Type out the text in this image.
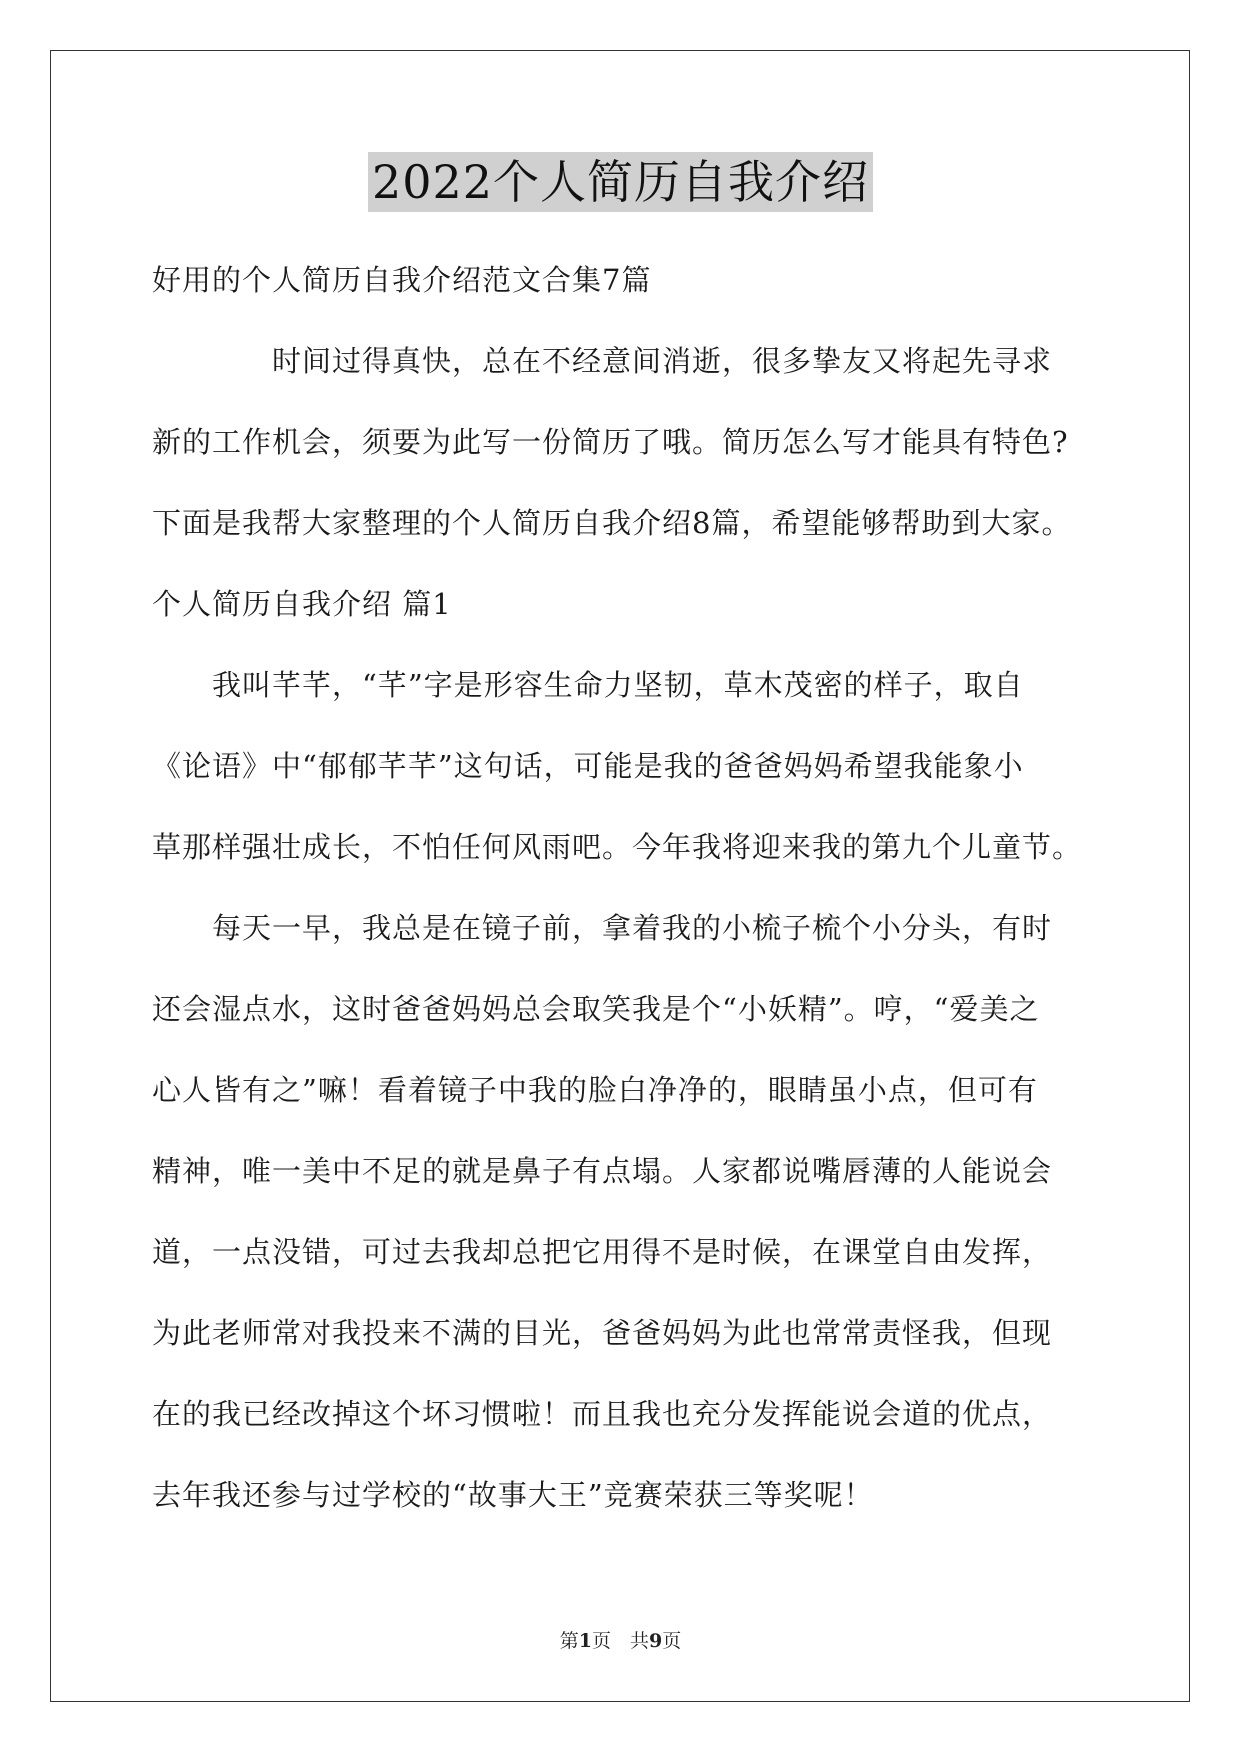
2022个人简历自我介绍
好用的个人简历自我介绍范文合集7篇
　　　　时间过得真快，总在不经意间消逝，很多挚友又将起先寻求
新的工作机会，须要为此写一份简历了哦。简历怎么写才能具有特色?
下面是我帮大家整理的个人简历自我介绍8篇，希望能够帮助到大家。
个人简历自我介绍 篇1
　　我叫芊芊，“芊”字是形容生命力坚韧，草木茂密的样子，取自
《论语》中“郁郁芊芊”这句话，可能是我的爸爸妈妈希望我能象小
草那样强壮成长，不怕任何风雨吧。今年我将迎来我的第九个儿童节。
　　每天一早，我总是在镜子前，拿着我的小梳子梳个小分头，有时
还会湿点水，这时爸爸妈妈总会取笑我是个“小妖精”。哼，“爱美之
心人皆有之”嘛！看着镜子中我的脸白净净的，眼睛虽小点，但可有
精神，唯一美中不足的就是鼻子有点塌。人家都说嘴唇薄的人能说会
道，一点没错，可过去我却总把它用得不是时候，在课堂自由发挥，
为此老师常对我投来不满的目光，爸爸妈妈为此也常常责怪我，但现
在的我已经改掉这个坏习惯啦！而且我也充分发挥能说会道的优点，
去年我还参与过学校的“故事大王”竞赛荣获三等奖呢！
第1页　共9页
